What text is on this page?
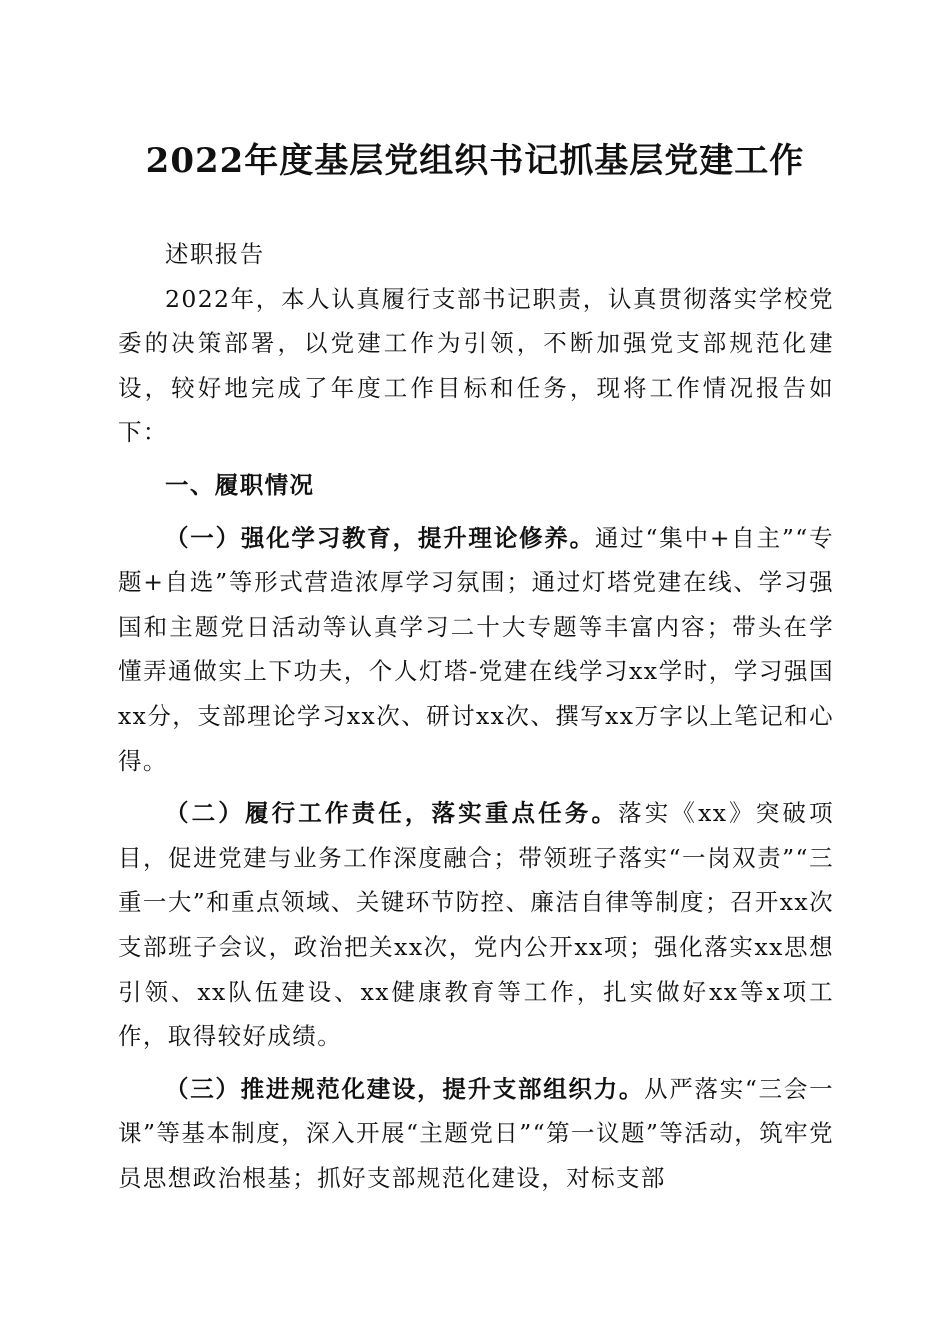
2022年度基层党组织书记抓基层党建工作

述职报告

2022年，本人认真履行支部书记职责，认真贯彻落实学校党委的决策部署，以党建工作为引领，不断加强党支部规范化建设，较好地完成了年度工作目标和任务，现将工作情况报告如下：

一、履职情况

（一）强化学习教育，提升理论修养。通过“集中+自主”“专题+自选”等形式营造浓厚学习氛围；通过灯塔党建在线、学习强国和主题党日活动等认真学习二十大专题等丰富内容；带头在学懂弄通做实上下功夫，个人灯塔-党建在线学习xx学时，学习强国xx分，支部理论学习xx次、研讨xx次、撰写xx万字以上笔记和心得。

（二）履行工作责任，落实重点任务。落实《xx》突破项目，促进党建与业务工作深度融合；带领班子落实“一岗双责”“三重一大”和重点领域、关键环节防控、廉洁自律等制度；召开xx次支部班子会议，政治把关xx次，党内公开xx项；强化落实xx思想引领、xx队伍建设、xx健康教育等工作，扎实做好xx等x项工作，取得较好成绩。

（三）推进规范化建设，提升支部组织力。从严落实“三会一课”等基本制度，深入开展“主题党日”“第一议题”等活动，筑牢党员思想政治根基；抓好支部规范化建设，对标支部
